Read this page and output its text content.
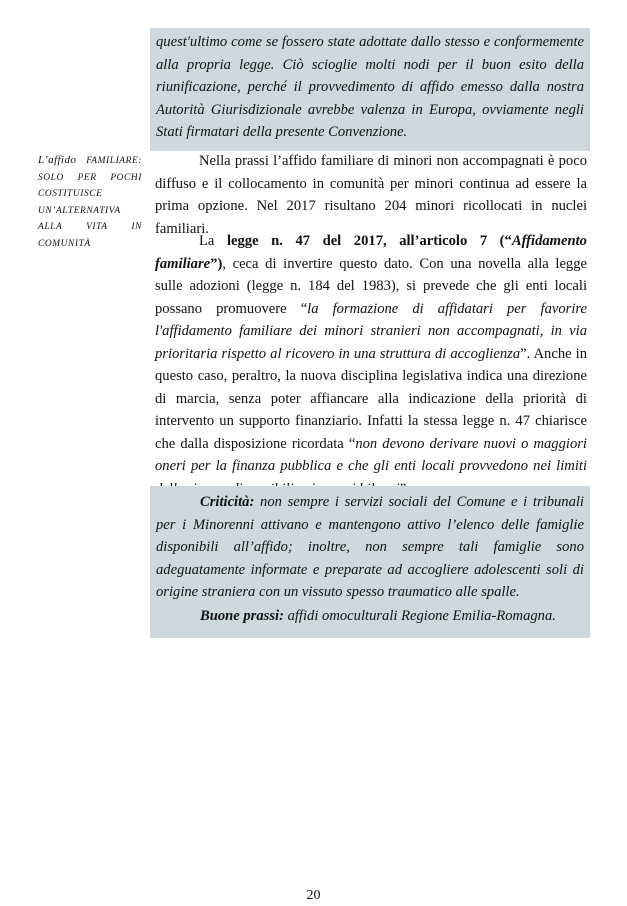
quest'ultimo come se fossero state adottate dallo stesso e conformemente alla propria legge. Ciò scioglie molti nodi per il buon esito della riunificazione, perché il provvedimento di affido emesso dalla nostra Autorità Giurisdizionale avrebbe valenza in Europa, ovviamente negli Stati firmatari della presente Convenzione.

L’affido FAMILIARE: SOLO PER POCHI COSTITUISCE UN’ALTERNATIVA ALLA VITA IN COMUNITÀ

Nella prassi l’affido familiare di minori non accompagnati è poco diffuso e il collocamento in comunità per minori continua ad essere la prima opzione. Nel 2017 risultano 204 minori ricollocati in nuclei familiari.

La legge n. 47 del 2017, all’articolo 7 (“Affidamento familiare”), ceca di invertire questo dato. Con una novella alla legge sulle adozioni (legge n. 184 del 1983), si prevede che gli enti locali possano promuovere “la formazione di affidatari per favorire l'affidamento familiare dei minori stranieri non accompagnati, in via prioritaria rispetto al ricovero in una struttura di accoglienza”. Anche in questo caso, peraltro, la nuova disciplina legislativa indica una direzione di marcia, senza poter affiancare alla indicazione della priorità di intervento un supporto finanziario. Infatti la stessa legge n. 47 chiarisce che dalla disposizione ricordata “non devono derivare nuovi o maggiori oneri per la finanza pubblica e che gli enti locali provvedono nei limiti

Criticità: non sempre i servizi sociali del Comune e i tribunali per i Minorenni attivano e mantengono attivo l’elenco delle famiglie disponibili all’affido; inoltre, non sempre tali famiglie sono adeguatamente informate e preparate ad accogliere adolescenti soli di origine straniera con un vissuto spesso traumatico alle spalle.

Buone prassi: affidi omoculturali Regione Emilia-Romagna.

20
